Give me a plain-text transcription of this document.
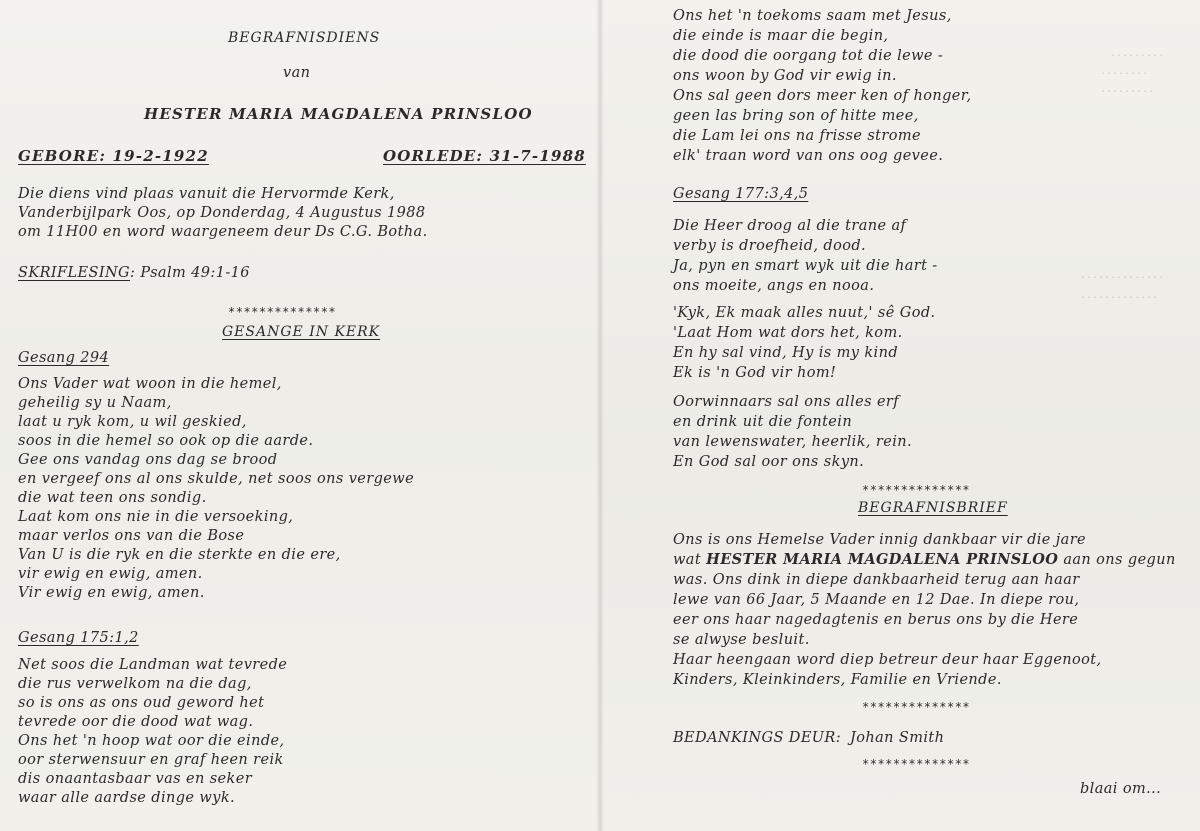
.........
........
.........
..............
.............
BEGRAFNISDIENS
van
HESTER MARIA MAGDALENA PRINSLOO
GEBORE: 19-2-1922	OORLEDE: 31-7-1988
Die diens vind plaas vanuit die Hervormde Kerk,
Vanderbijlpark Oos, op Donderdag, 4 Augustus 1988
om 11H00 en word waargeneem deur Ds C.G. Botha.
SKRIFLESING: Psalm 49:1-16
**************
GESANGE IN KERK
Gesang 294
Ons Vader wat woon in die hemel,
geheilig sy u Naam,
laat u ryk kom, u wil geskied,
soos in die hemel so ook op die aarde.
Gee ons vandag ons dag se brood
en vergeef ons al ons skulde, net soos ons vergewe
die wat teen ons sondig.
Laat kom ons nie in die versoeking,
maar verlos ons van die Bose
Van U is die ryk en die sterkte en die ere,
vir ewig en ewig, amen.
Vir ewig en ewig, amen.
Gesang 175:1,2
Net soos die Landman wat tevrede
die rus verwelkom na die dag,
so is ons as ons oud geword het
tevrede oor die dood wat wag.
Ons het 'n hoop wat oor die einde,
oor sterwensuur en graf heen reik
dis onaantasbaar vas en seker
waar alle aardse dinge wyk.
Ons het 'n toekoms saam met Jesus,
die einde is maar die begin,
die dood die oorgang tot die lewe -
ons woon by God vir ewig in.
Ons sal geen dors meer ken of honger,
geen las bring son of hitte mee,
die Lam lei ons na frisse strome
elk' traan word van ons oog gevee.
Gesang 177:3,4,5
Die Heer droog al die trane af
verby is droefheid, dood.
Ja, pyn en smart wyk uit die hart -
ons moeite, angs en nooa.
'Kyk, Ek maak alles nuut,' sê God.
'Laat Hom wat dors het, kom.
En hy sal vind, Hy is my kind
Ek is 'n God vir hom!
Oorwinnaars sal ons alles erf
en drink uit die fontein
van lewenswater, heerlik, rein.
En God sal oor ons skyn.
**************
BEGRAFNISBRIEF
Ons is ons Hemelse Vader innig dankbaar vir die jare
wat HESTER MARIA MAGDALENA PRINSLOO aan ons gegun
was. Ons dink in diepe dankbaarheid terug aan haar
lewe van 66 Jaar, 5 Maande en 12 Dae. In diepe rou,
eer ons haar nagedagtenis en berus ons by die Here
se alwyse besluit.
Haar heengaan word diep betreur deur haar Eggenoot,
Kinders, Kleinkinders, Familie en Vriende.
**************
BEDANKINGS DEUR: Johan Smith
**************
blaai om...
